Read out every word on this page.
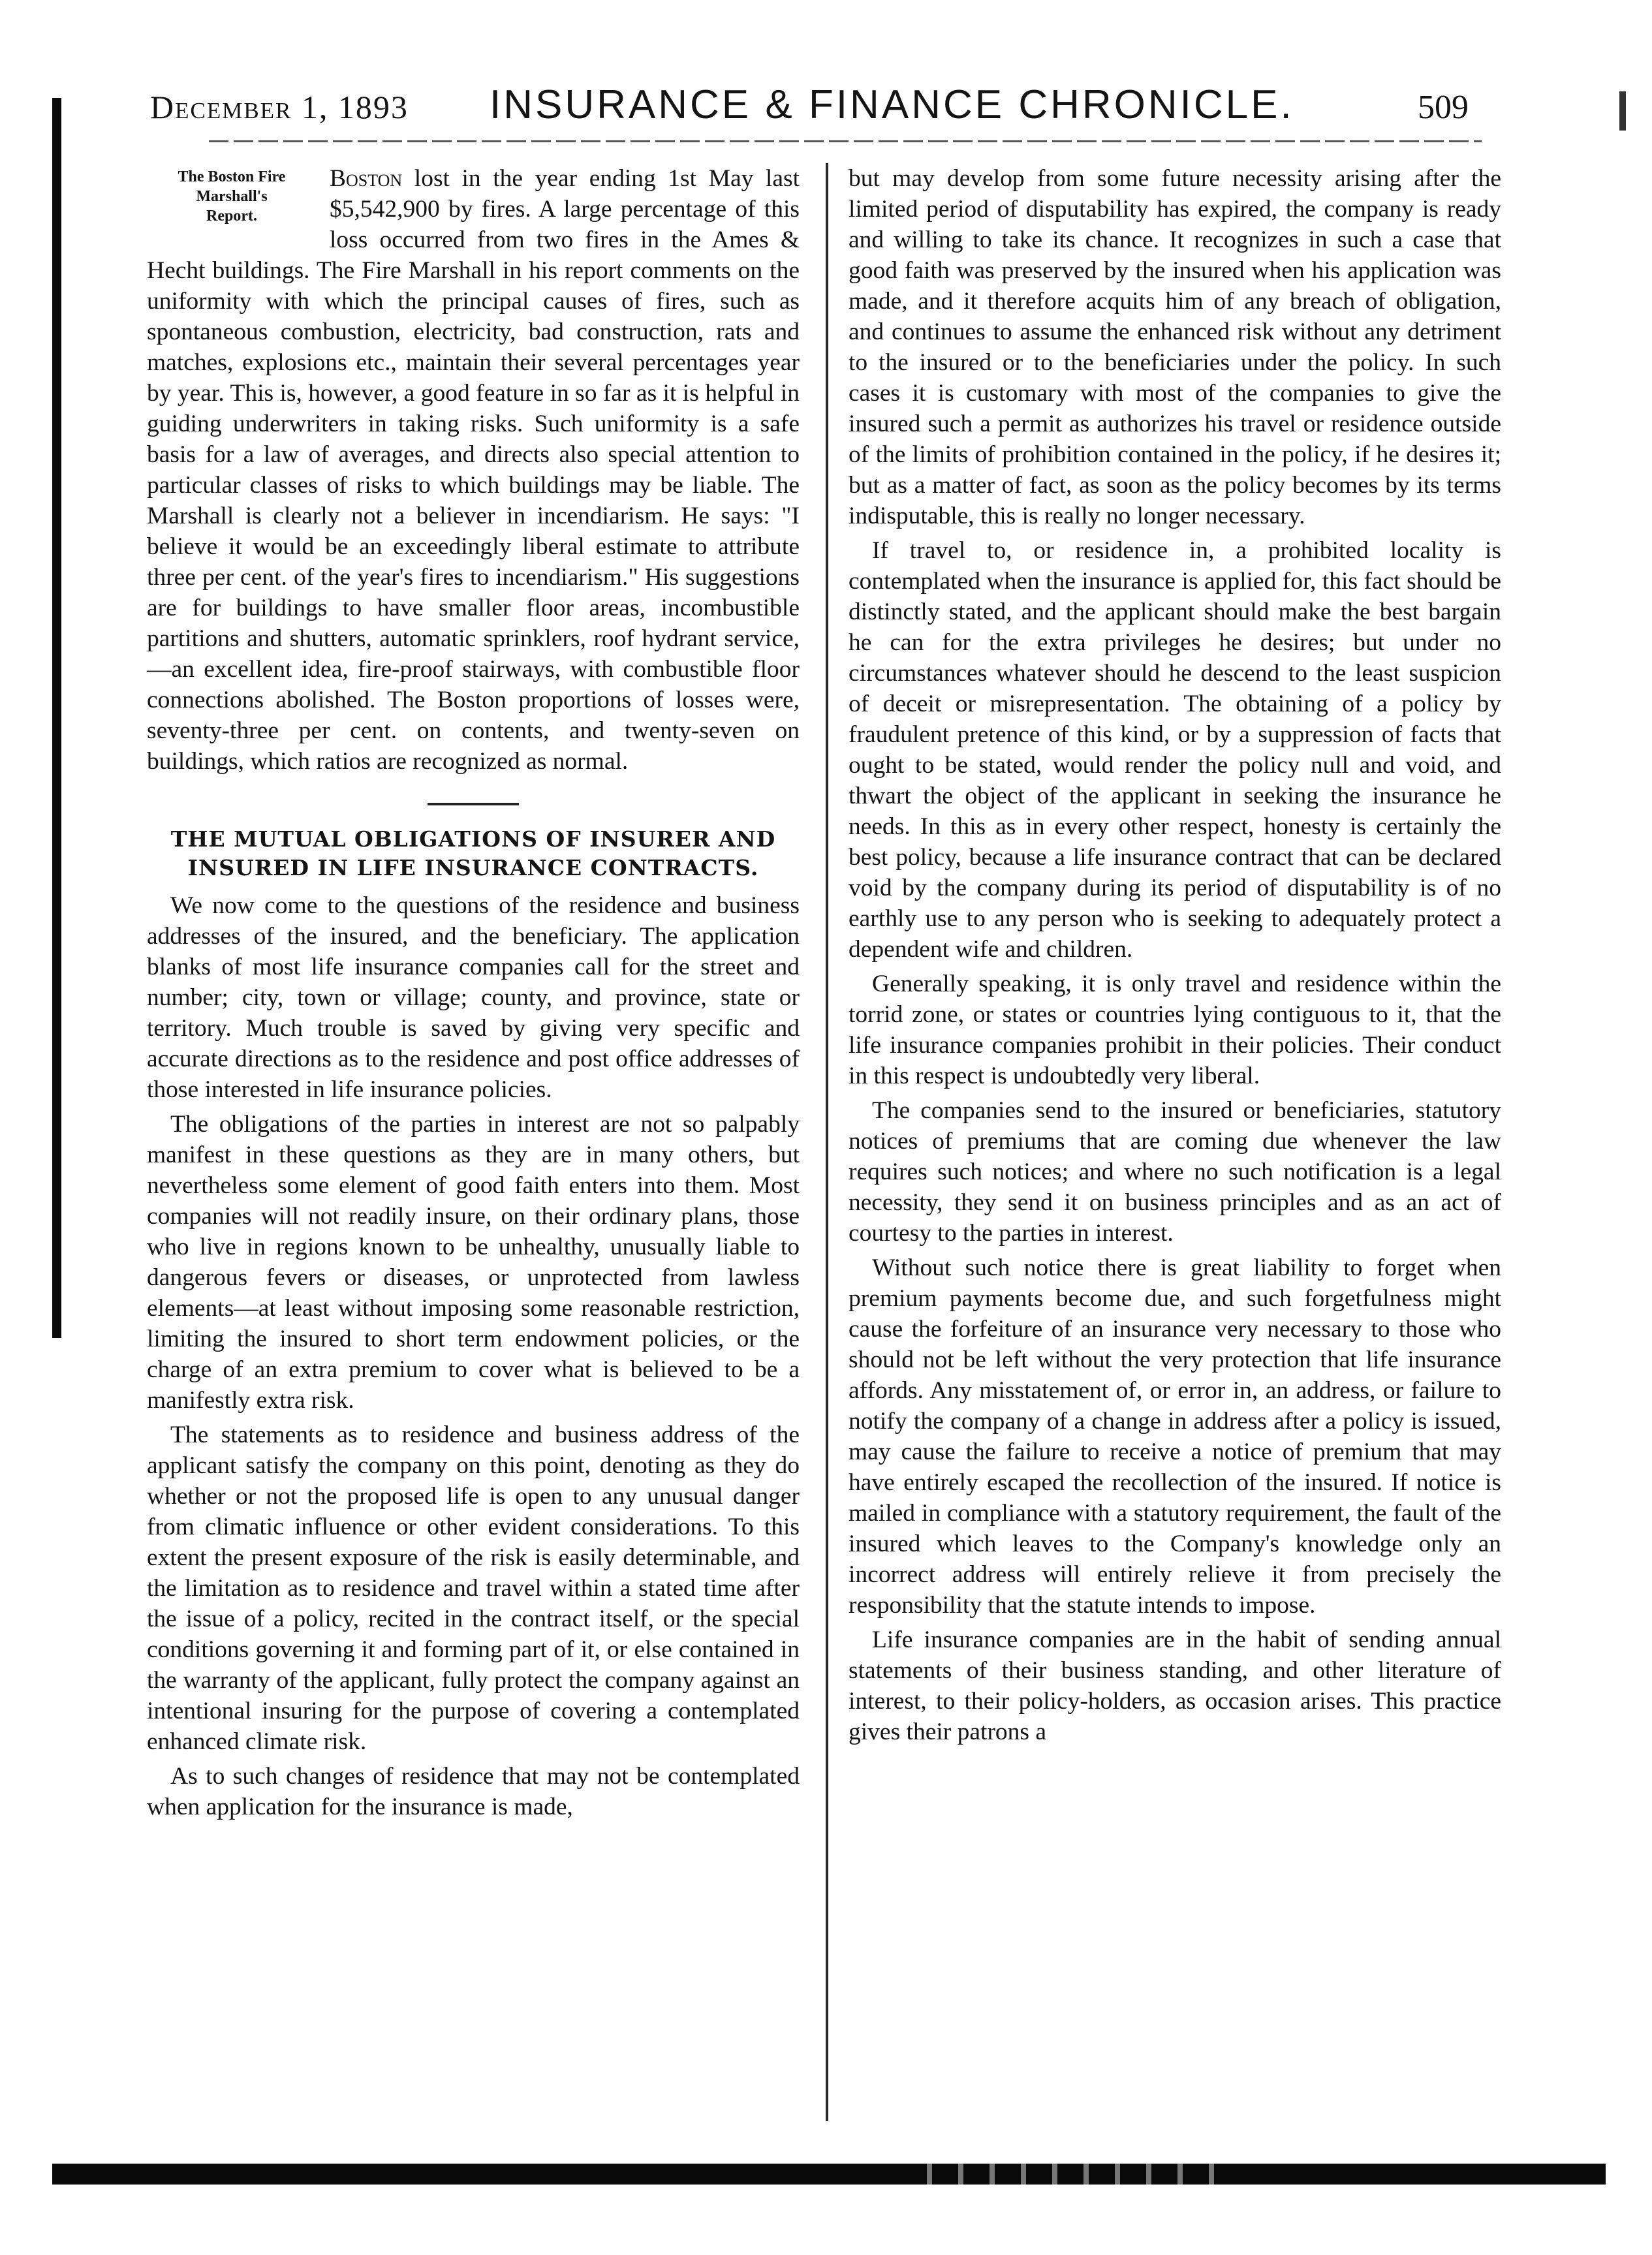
December 1, 1893 INSURANCE & FINANCE CHRONICLE.	509
The Boston Fire
Marshall's
Report.

Boston lost in the year ending 1st May last $5,542,900 by fires. A large percentage of this loss occurred from two fires in the Ames & Hecht buildings. The Fire Marshall in his report comments on the uniformity with which the principal causes of fires, such as spontaneous combustion, electricity, bad construction, rats and matches, explosions etc., maintain their several percentages year by year. This is, however, a good feature in so far as it is helpful in guiding underwriters in taking risks. Such uniformity is a safe basis for a law of averages, and directs also special attention to particular classes of risks to which buildings may be liable. The Marshall is clearly not a believer in incendiarism. He says: "I believe it would be an exceedingly liberal estimate to attribute three per cent. of the year's fires to incendiarism." His suggestions are for buildings to have smaller floor areas, incombustible partitions and shutters, automatic sprinklers, roof hydrant service,—an excellent idea, fire-proof stairways, with combustible floor connections abolished. The Boston proportions of losses were, seventy-three per cent. on contents, and twenty-seven on buildings, which ratios are recognized as normal.

THE MUTUAL OBLIGATIONS OF INSURER AND INSURED IN LIFE INSURANCE CONTRACTS.

We now come to the questions of the residence and business addresses of the insured, and the beneficiary. The application blanks of most life insurance companies call for the street and number; city, town or village; county, and province, state or territory. Much trouble is saved by giving very specific and accurate directions as to the residence and post office addresses of those interested in life insurance policies.

The obligations of the parties in interest are not so palpably manifest in these questions as they are in many others, but nevertheless some element of good faith enters into them. Most companies will not readily insure, on their ordinary plans, those who live in regions known to be unhealthy, unusually liable to dangerous fevers or diseases, or unprotected from lawless elements—at least without imposing some reasonable restriction, limiting the insured to short term endowment policies, or the charge of an extra premium to cover what is believed to be a manifestly extra risk.

The statements as to residence and business address of the applicant satisfy the company on this point, denoting as they do whether or not the proposed life is open to any unusual danger from climatic influence or other evident considerations. To this extent the present exposure of the risk is easily determinable, and the limitation as to residence and travel within a stated time after the issue of a policy, recited in the contract itself, or the special conditions governing it and forming part of it, or else contained in the warranty of the applicant, fully protect the company against an intentional insuring for the purpose of covering a contemplated enhanced climate risk.

As to such changes of residence that may not be contemplated when application for the insurance is made,

but may develop from some future necessity arising after the limited period of disputability has expired, the company is ready and willing to take its chance. It recognizes in such a case that good faith was preserved by the insured when his application was made, and it therefore acquits him of any breach of obligation, and continues to assume the enhanced risk without any detriment to the insured or to the beneficiaries under the policy. In such cases it is customary with most of the companies to give the insured such a permit as authorizes his travel or residence outside of the limits of prohibition contained in the policy, if he desires it; but as a matter of fact, as soon as the policy becomes by its terms indisputable, this is really no longer necessary.

If travel to, or residence in, a prohibited locality is contemplated when the insurance is applied for, this fact should be distinctly stated, and the applicant should make the best bargain he can for the extra privileges he desires; but under no circumstances whatever should he descend to the least suspicion of deceit or misrepresentation. The obtaining of a policy by fraudulent pretence of this kind, or by a suppression of facts that ought to be stated, would render the policy null and void, and thwart the object of the applicant in seeking the insurance he needs. In this as in every other respect, honesty is certainly the best policy, because a life insurance contract that can be declared void by the company during its period of disputability is of no earthly use to any person who is seeking to adequately protect a dependent wife and children.

Generally speaking, it is only travel and residence within the torrid zone, or states or countries lying contiguous to it, that the life insurance companies prohibit in their policies. Their conduct in this respect is undoubtedly very liberal.

The companies send to the insured or beneficiaries, statutory notices of premiums that are coming due whenever the law requires such notices; and where no such notification is a legal necessity, they send it on business principles and as an act of courtesy to the parties in interest.

Without such notice there is great liability to forget when premium payments become due, and such forgetfulness might cause the forfeiture of an insurance very necessary to those who should not be left without the very protection that life insurance affords. Any misstatement of, or error in, an address, or failure to notify the company of a change in address after a policy is issued, may cause the failure to receive a notice of premium that may have entirely escaped the recollection of the insured. If notice is mailed in compliance with a statutory requirement, the fault of the insured which leaves to the Company's knowledge only an incorrect address will entirely relieve it from precisely the responsibility that the statute intends to impose.

Life insurance companies are in the habit of sending annual statements of their business standing, and other literature of interest, to their policy-holders, as occasion arises. This practice gives their patrons a
